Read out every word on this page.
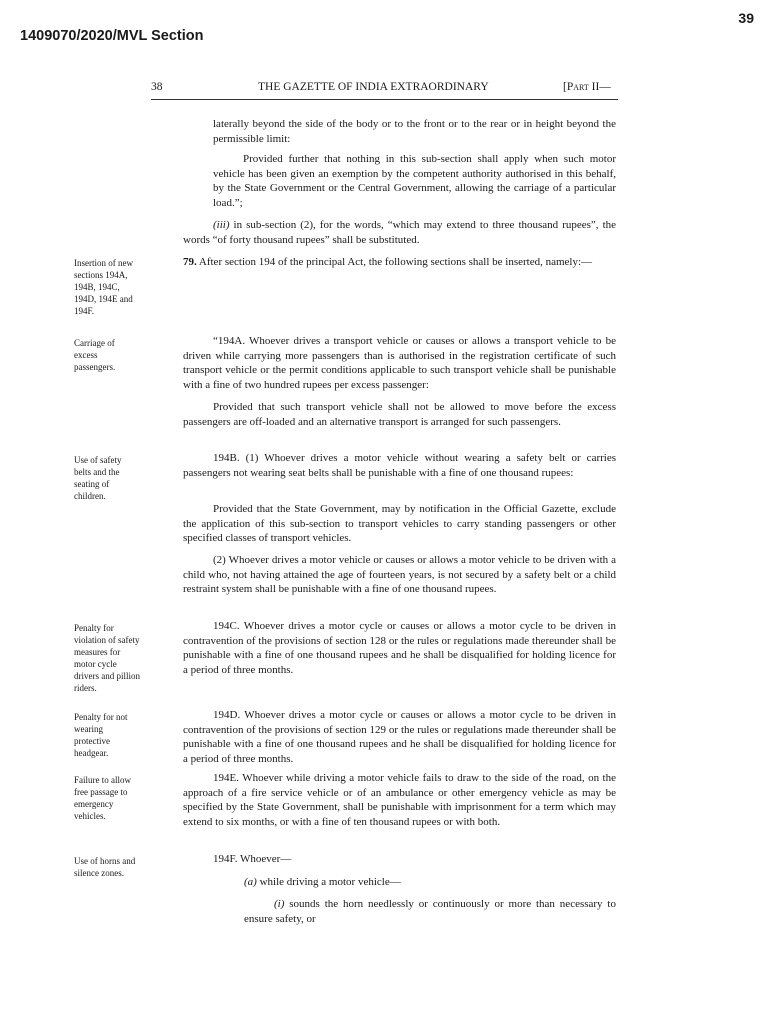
39
1409070/2020/MVL Section
38	THE GAZETTE OF INDIA EXTRAORDINARY	[Part II—
laterally beyond the side of the body or to the front or to the rear or in height beyond the permissible limit:
Provided further that nothing in this sub-section shall apply when such motor vehicle has been given an exemption by the competent authority authorised in this behalf, by the State Government or the Central Government, allowing the carriage of a particular load.”;
(iii) in sub-section (2), for the words, “which may extend to three thousand rupees”, the words “of forty thousand rupees” shall be substituted.
Insertion of new sections 194A, 194B, 194C, 194D, 194E and 194F.
79. After section 194 of the principal Act, the following sections shall be inserted, namely:—
Carriage of excess passengers.
“194A. Whoever drives a transport vehicle or causes or allows a transport vehicle to be driven while carrying more passengers than is authorised in the registration certificate of such transport vehicle or the permit conditions applicable to such transport vehicle shall be punishable with a fine of two hundred rupees per excess passenger:
Provided that such transport vehicle shall not be allowed to move before the excess passengers are off-loaded and an alternative transport is arranged for such passengers.
Use of safety belts and the seating of children.
194B. (1) Whoever drives a motor vehicle without wearing a safety belt or carries passengers not wearing seat belts shall be punishable with a fine of one thousand rupees:
Provided that the State Government, may by notification in the Official Gazette, exclude the application of this sub-section to transport vehicles to carry standing passengers or other specified classes of transport vehicles.
(2) Whoever drives a motor vehicle or causes or allows a motor vehicle to be driven with a child who, not having attained the age of fourteen years, is not secured by a safety belt or a child restraint system shall be punishable with a fine of one thousand rupees.
Penalty for violation of safety measures for motor cycle drivers and pillion riders.
194C. Whoever drives a motor cycle or causes or allows a motor cycle to be driven in contravention of the provisions of section 128 or the rules or regulations made thereunder shall be punishable with a fine of one thousand rupees and he shall be disqualified for holding licence for a period of three months.
Penalty for not wearing protective headgear.
194D. Whoever drives a motor cycle or causes or allows a motor cycle to be driven in contravention of the provisions of section 129 or the rules or regulations made thereunder shall be punishable with a fine of one thousand rupees and he shall be disqualified for holding licence for a period of three months.
Failure to allow free passage to emergency vehicles.
194E. Whoever while driving a motor vehicle fails to draw to the side of the road, on the approach of a fire service vehicle or of an ambulance or other emergency vehicle as may be specified by the State Government, shall be punishable with imprisonment for a term which may extend to six months, or with a fine of ten thousand rupees or with both.
Use of horns and silence zones.
194F. Whoever—
(a) while driving a motor vehicle—
(i) sounds the horn needlessly or continuously or more than necessary to ensure safety, or
